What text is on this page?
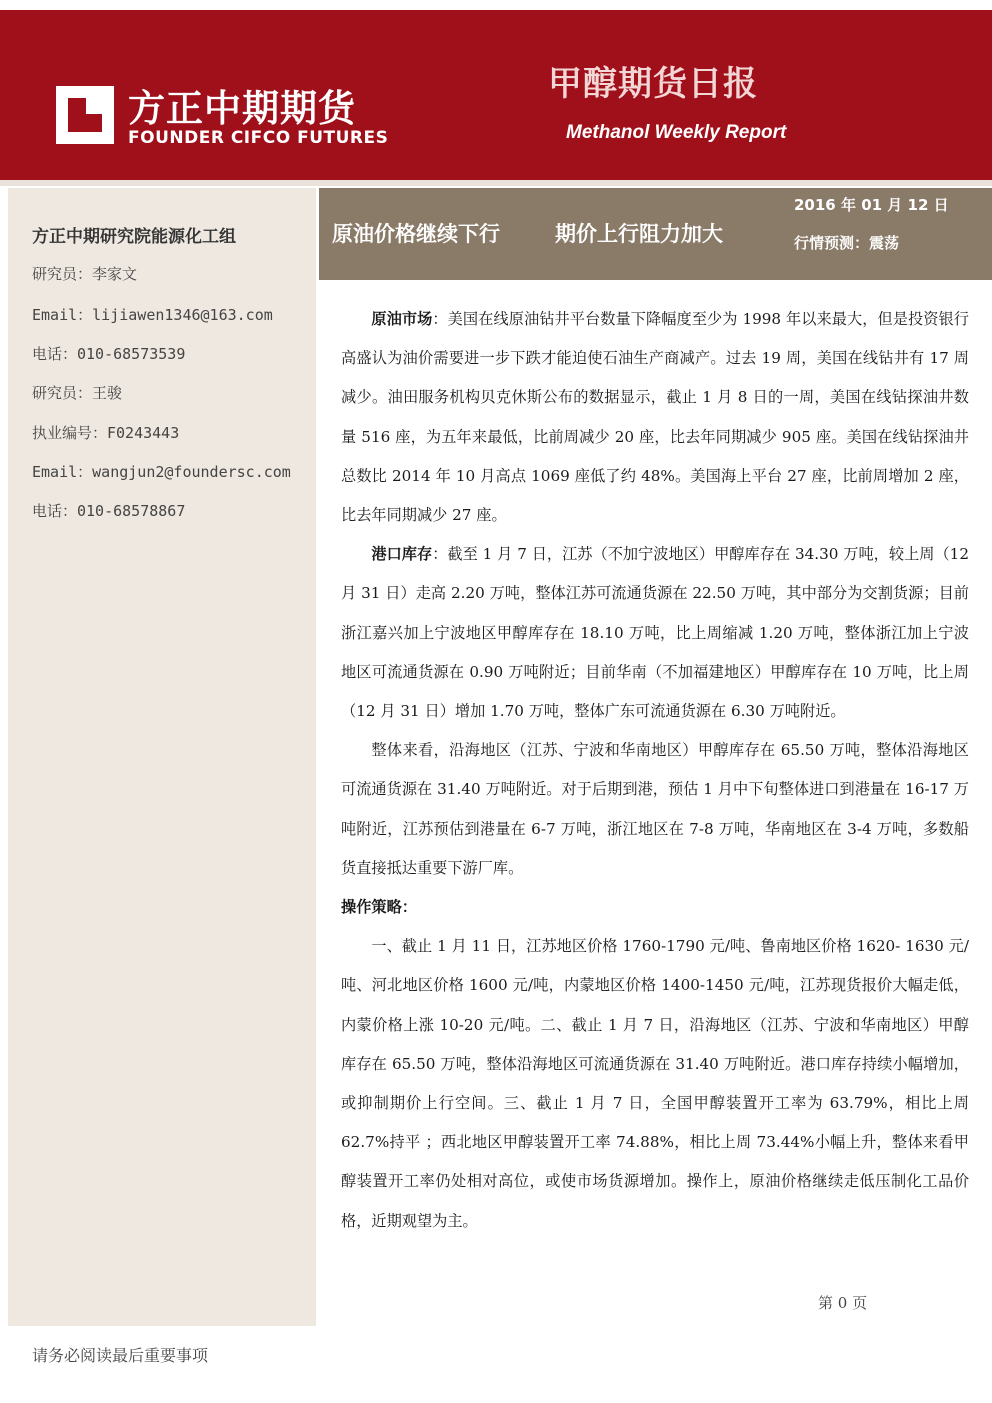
方正中期期货
FOUNDER CIFCO FUTURES
甲醇期货日报
Methanol Weekly Report
方正中期研究院能源化工组
研究员：李家文
Email：lijiawen1346@163.com
电话：010-68573539
研究员：王骏
执业编号：F0243443
Email：wangjun2@foundersc.com
电话：010-68578867
原油价格继续下行	期价上行阻力加大
2016 年 01 月 12 日
行情预测：震荡

原油市场：美国在线原油钻井平台数量下降幅度至少为 1998 年以来最大，但是投资银行高盛认为油价需要进一步下跌才能迫使石油生产商减产。过去 19 周，美国在线钻井有 17 周减少。油田服务机构贝克休斯公布的数据显示，截止 1 月 8 日的一周，美国在线钻探油井数量 516 座，为五年来最低，比前周减少 20 座，比去年同期减少 905 座。美国在线钻探油井总数比 2014 年 10 月高点 1069 座低了约 48%。美国海上平台 27 座，比前周增加 2 座，比去年同期减少 27 座。

港口库存：截至 1 月 7 日，江苏（不加宁波地区）甲醇库存在 34.30 万吨，较上周（12 月 31 日）走高 2.20 万吨，整体江苏可流通货源在 22.50 万吨，其中部分为交割货源；目前浙江嘉兴加上宁波地区甲醇库存在 18.10 万吨，比上周缩减 1.20 万吨，整体浙江加上宁波地区可流通货源在 0.90 万吨附近；目前华南（不加福建地区）甲醇库存在 10 万吨，比上周（12 月 31 日）增加 1.70 万吨，整体广东可流通货源在 6.30 万吨附近。

整体来看，沿海地区（江苏、宁波和华南地区）甲醇库存在 65.50 万吨，整体沿海地区可流通货源在 31.40 万吨附近。对于后期到港，预估 1 月中下旬整体进口到港量在 16-17 万吨附近，江苏预估到港量在 6-7 万吨，浙江地区在 7-8 万吨，华南地区在 3-4 万吨，多数船货直接抵达重要下游厂库。

操作策略：

一、截止 1 月 11 日，江苏地区价格 1760-1790 元/吨、鲁南地区价格 1620- 1630 元/吨、河北地区价格 1600 元/吨，内蒙地区价格 1400-1450 元/吨，江苏现货报价大幅走低，内蒙价格上涨 10-20 元/吨。二、截止 1 月 7 日，沿海地区（江苏、宁波和华南地区）甲醇库存在 65.50 万吨，整体沿海地区可流通货源在 31.40 万吨附近。港口库存持续小幅增加，或抑制期价上行空间。三、截止 1 月 7 日，全国甲醇装置开工率为 63.79%，相比上周 62.7%持平 ；西北地区甲醇装置开工率 74.88%，相比上周 73.44%小幅上升，整体来看甲醇装置开工率仍处相对高位，或使市场货源增加。操作上，原油价格继续走低压制化工品价格，近期观望为主。

第 0 页
请务必阅读最后重要事项
